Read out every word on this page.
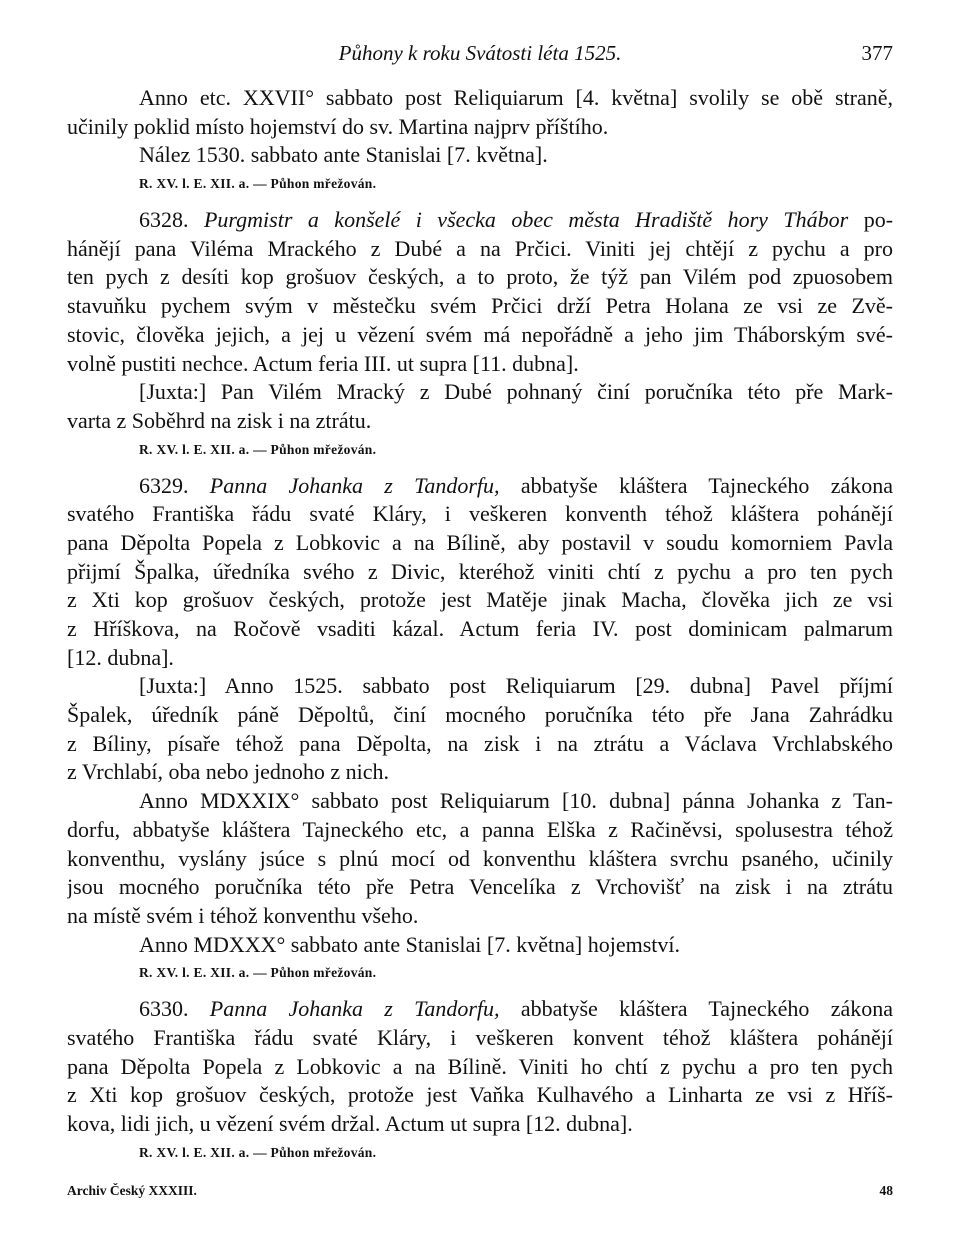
Půhony k roku Svátosti léta 1525.	377
Anno etc. XXVII° sabbato post Reliquiarum [4. května] svolily se obě straně,
učinily poklid místo hojemství do sv. Martina najprv příštího.
Nález 1530. sabbato ante Stanislai [7. května].
R. XV. l. E. XII. a. — Půhon mřežován.
6328. Purgmistr a konšelé i všecka obec města Hradiště hory Thábor po-
hánějí pana Viléma Mrackého z Dubé a na Prčici. Viniti jej chtějí z pychu a pro
ten pych z desíti kop grošuov českých, a to proto, že týž pan Vilém pod zpuosobem
stavuňku pychem svým v městečku svém Prčici drží Petra Holana ze vsi ze Zvě-
stovic, člověka jejich, a jej u vězení svém má nepořádně a jeho jim Tháborským své-
volně pustiti nechce. Actum feria III. ut supra [11. dubna].
[Juxta:] Pan Vilém Mracký z Dubé pohnaný činí poručníka této pře Mark-
varta z Soběhrd na zisk i na ztrátu.
R. XV. l. E. XII. a. — Půhon mřežován.
6329. Panna Johanka z Tandorfu, abbatyše kláštera Tajneckého zákona
svatého Františka řádu svaté Kláry, i veškeren konventh téhož kláštera pohánějí
pana Děpolta Popela z Lobkovic a na Bílině, aby postavil v soudu komorniem Pavla
přijmí Špalka, úředníka svého z Divic, kteréhož viniti chtí z pychu a pro ten pych
z Xti kop grošuov českých, protože jest Matěje jinak Macha, člověka jich ze vsi
z Hříškova, na Ročově vsaditi kázal. Actum feria IV. post dominicam palmarum
[12. dubna].
[Juxta:] Anno 1525. sabbato post Reliquiarum [29. dubna] Pavel příjmí
Špalek, úředník páně Děpoltů, činí mocného poručníka této pře Jana Zahrádku
z Bíliny, písaře téhož pana Děpolta, na zisk i na ztrátu a Václava Vrchlabského
z Vrchlabí, oba nebo jednoho z nich.
Anno MDXXIX° sabbato post Reliquiarum [10. dubna] pánna Johanka z Tan-
dorfu, abbatyše kláštera Tajneckého etc, a panna Elška z Račiněvsi, spolusestra téhož
konventhu, vyslány jsúce s plnú mocí od konventhu kláštera svrchu psaného, učinily
jsou mocného poručníka této pře Petra Vencelíka z Vrchovišť na zisk i na ztrátu
na místě svém i téhož konventhu všeho.
Anno MDXXX° sabbato ante Stanislai [7. května] hojemství.
R. XV. l. E. XII. a. — Půhon mřežován.
6330. Panna Johanka z Tandorfu, abbatyše kláštera Tajneckého zákona
svatého Františka řádu svaté Kláry, i veškeren konvent téhož kláštera pohánějí
pana Děpolta Popela z Lobkovic a na Bílině. Viniti ho chtí z pychu a pro ten pych
z Xti kop grošuov českých, protože jest Vaňka Kulhavého a Linharta ze vsi z Hříš-
kova, lidi jich, u vězení svém držal. Actum ut supra [12. dubna].
R. XV. l. E. XII. a. — Půhon mřežován.
Archiv Český XXXIII.	48
